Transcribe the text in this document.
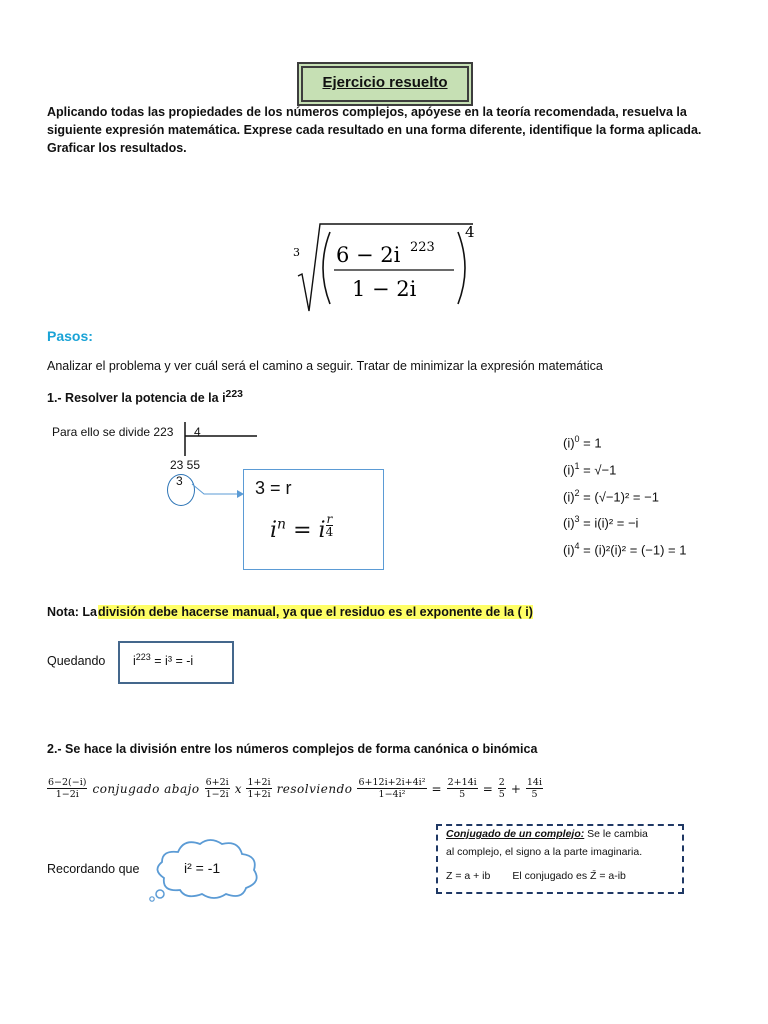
Ejercicio resuelto
Aplicando todas las propiedades de los números complejos, apóyese en la teoría recomendada, resuelva la siguiente expresión matemática. Exprese cada resultado en una forma diferente, identifique la forma aplicada. Graficar los resultados.
3 6 − 2i 223
1 − 2i
4
Pasos:
Analizar el problema y ver cuál será el camino a seguir. Tratar de minimizar la expresión matemática
1.- Resolver la potencia de la $i^{223}$
Para ello se divide 223 4
23 55
3	3 = r
$i^n = i \frac{r}{4}$
$(i)^0 = 1$
$(i)^1 = √-1$
$(i)^2 = (√-1)^2 = -1$
$(i)^3 = i(i)^2 = -i$
$(i)^4 = (i)^2(i)^2 = (-1) = 1$
Nota: La división debe hacerse manual, ya que el residuo es el exponente de la ( i)
Quedando $i^{223} = i^3 = -i$
2.- Se hace la división entre los números complejos de forma canónica o binómica
$\frac{6-2(-i)}{1-2i}$ conjugado abajo $\frac{6+2i}{1-2i}$ x $\frac{1+2i}{1+2i}$ resolviendo $\frac{\text{6+12i+2i+4i²}}{\text{1−4i²}} = \frac{2+14i}{5} = \frac{2}{5} + \frac{14i}{5}$
Recordando que	i² = -1
Conjugado de un complejo: Se le cambia
al complejo, el signo a la parte imaginaria.
Z = a + ib El conjugado es Z̄ = a-ib
